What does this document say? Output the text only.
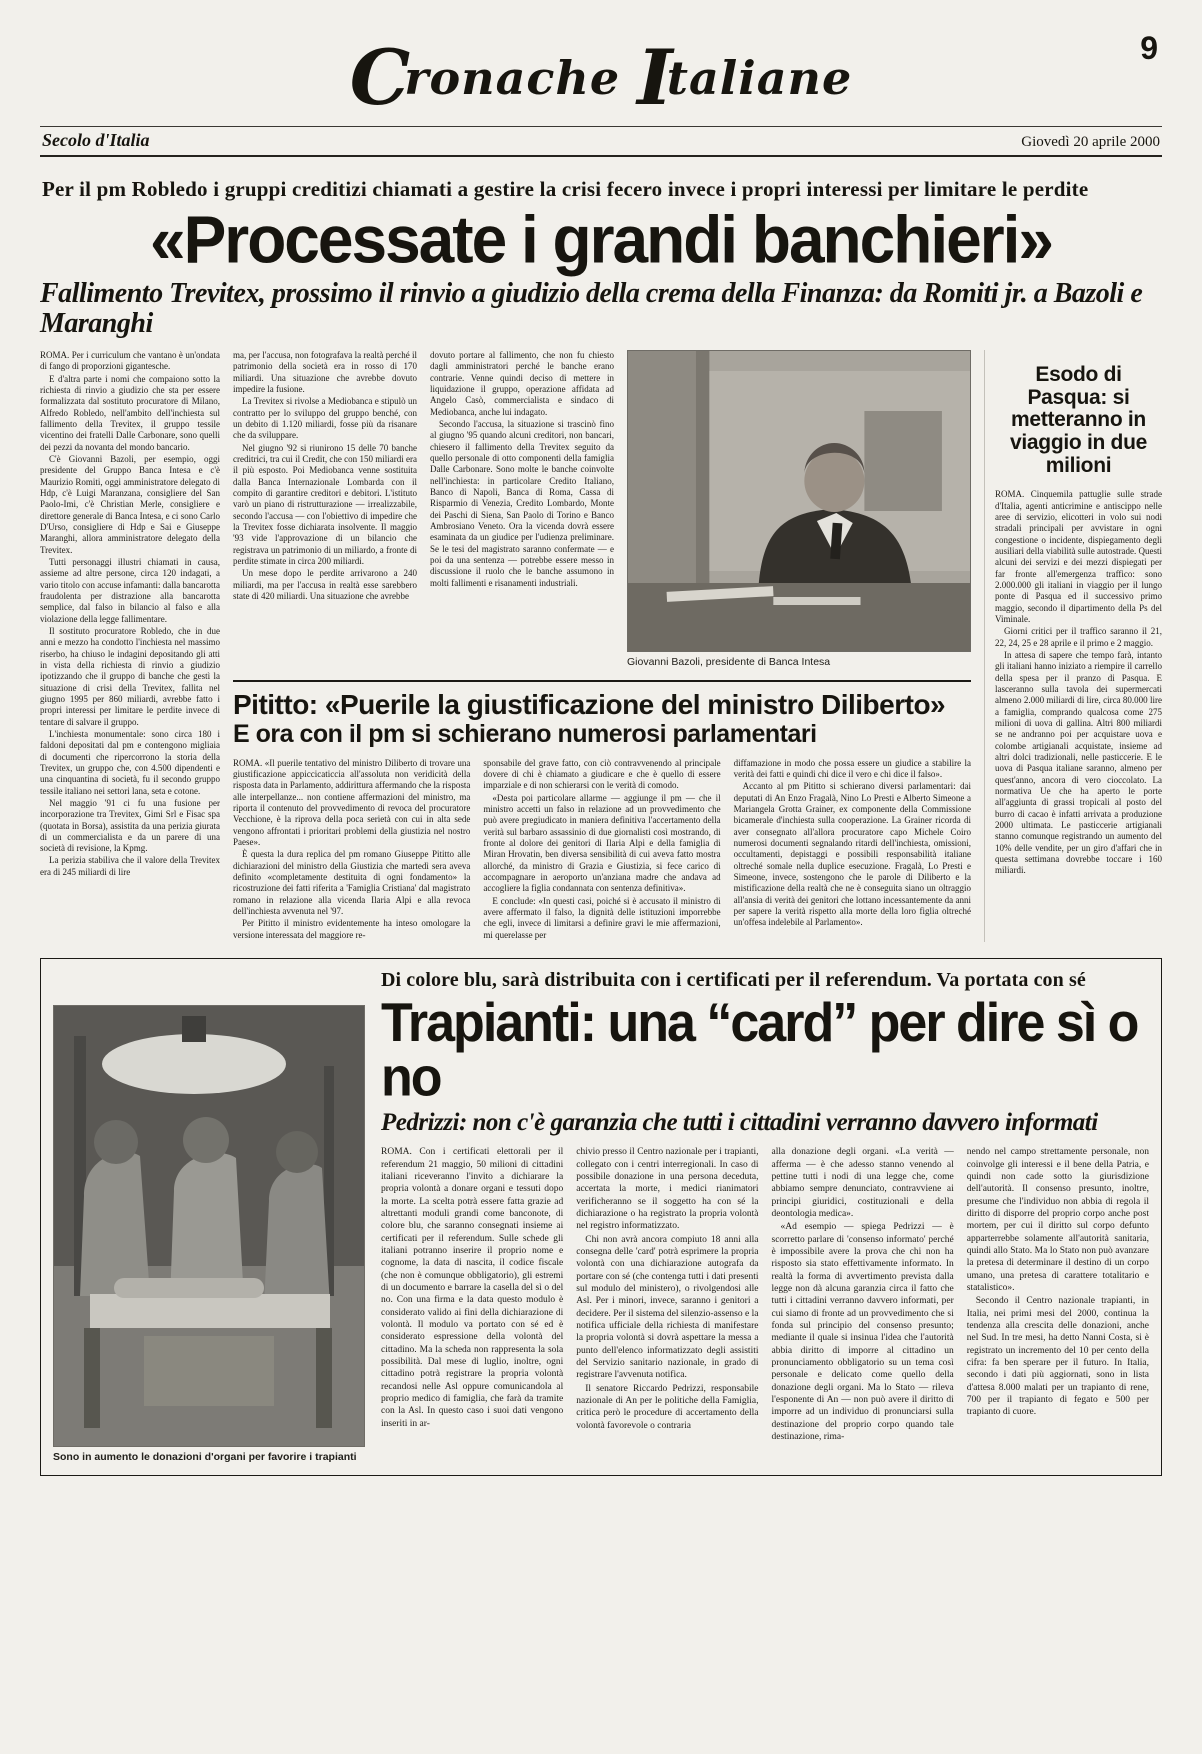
Cronache Italiane
9
Secolo d'Italia	Giovedì 20 aprile 2000
Per il pm Robledo i gruppi creditizi chiamati a gestire la crisi fecero invece i propri interessi per limitare le perdite
«Processate i grandi banchieri»
Fallimento Trevitex, prossimo il rinvio a giudizio della crema della Finanza: da Romiti jr. a Bazoli e Maranghi

ROMA. Per i curriculum che vantano è un'ondata di fango di proporzioni gigantesche.

E d'altra parte i nomi che compaiono sotto la richiesta di rinvio a giudizio che sta per essere formalizzata dal sostituto procuratore di Milano, Alfredo Robledo, nell'ambito dell'inchiesta sul fallimento della Trevitex, il gruppo tessile vicentino dei fratelli Dalle Carbonare, sono quelli dei pezzi da novanta del mondo bancario.

C'è Giovanni Bazoli, per esempio, oggi presidente del Gruppo Banca Intesa e c'è Maurizio Romiti, oggi amministratore delegato di Hdp, c'è Luigi Maranzana, consigliere del San Paolo-Imi, c'è Christian Merle, consigliere e direttore generale di Banca Intesa, e ci sono Carlo D'Urso, consigliere di Hdp e Sai e Giuseppe Maranghi, allora amministratore delegato della Trevitex.

Tutti personaggi illustri chiamati in causa, assieme ad altre persone, circa 120 indagati, a vario titolo con accuse infamanti: dalla bancarotta fraudolenta per distrazione alla bancarotta semplice, dal falso in bilancio al falso e alla violazione della legge fallimentare.

Il sostituto procuratore Robledo, che in due anni e mezzo ha condotto l'inchiesta nel massimo riserbo, ha chiuso le indagini depositando gli atti in vista della richiesta di rinvio a giudizio ipotizzando che il gruppo di banche che gestì la situazione di crisi della Trevitex, fallita nel giugno 1995 per 860 miliardi, avrebbe fatto i propri interessi per limitare le perdite invece di tentare di salvare il gruppo.

L'inchiesta monumentale: sono circa 180 i faldoni depositati dal pm e contengono migliaia di documenti che ripercorrono la storia della Trevitex, un gruppo che, con 4.500 dipendenti e una cinquantina di società, fu il secondo gruppo tessile italiano nei settori lana, seta e cotone.

Nel maggio '91 ci fu una fusione per incorporazione tra Trevitex, Gimi Srl e Fisac spa (quotata in Borsa), assistita da una perizia giurata di un commercialista e da un parere di una società di revisione, la Kpmg.

La perizia stabiliva che il valore della Trevitex era di 245 miliardi di lire

ma, per l'accusa, non fotografava la realtà perché il patrimonio della società era in rosso di 170 miliardi. Una situazione che avrebbe dovuto impedire la fusione.

La Trevitex si rivolse a Mediobanca e stipulò un contratto per lo sviluppo del gruppo benché, con un debito di 1.120 miliardi, fosse più da risanare che da sviluppare.

Nel giugno '92 si riunirono 15 delle 70 banche creditrici, tra cui il Credit, che con 150 miliardi era il più esposto. Poi Mediobanca venne sostituita dalla Banca Internazionale Lombarda con il compito di garantire creditori e debitori. L'istituto varò un piano di ristrutturazione — irrealizzabile, secondo l'accusa — con l'obiettivo di impedire che la Trevitex fosse dichiarata insolvente. Il maggio '93 vide l'approvazione di un bilancio che registrava un patrimonio di un miliardo, a fronte di perdite stimate in circa 200 miliardi.

Un mese dopo le perdite arrivarono a 240 miliardi, ma per l'accusa in realtà esse sarebbero state di 420 miliardi. Una situazione che avrebbe

dovuto portare al fallimento, che non fu chiesto dagli amministratori perché le banche erano contrarie. Venne quindi deciso di mettere in liquidazione il gruppo, operazione affidata ad Angelo Casò, commercialista e sindaco di Mediobanca, anche lui indagato.

Secondo l'accusa, la situazione si trascinò fino al giugno '95 quando alcuni creditori, non bancari, chiesero il fallimento della Trevitex seguito da quello personale di otto componenti della famiglia Dalle Carbonare. Sono molte le banche coinvolte nell'inchiesta: in particolare Credito Italiano, Banco di Napoli, Banca di Roma, Cassa di Risparmio di Venezia, Credito Lombardo, Monte dei Paschi di Siena, San Paolo di Torino e Banco Ambrosiano Veneto. Ora la vicenda dovrà essere esaminata da un giudice per l'udienza preliminare. Se le tesi del magistrato saranno confermate — e poi da una sentenza — potrebbe essere messo in discussione il ruolo che le banche assumono in molti fallimenti e risanamenti industriali.

Giovanni Bazoli, presidente di Banca Intesa
Pititto: «Puerile la giustificazione del ministro Diliberto»
E ora con il pm si schierano numerosi parlamentari

ROMA. «Il puerile tentativo del ministro Diliberto di trovare una giustificazione appiccicaticcia all'assoluta non veridicità della risposta data in Parlamento, addirittura affermando che la risposta alle interpellanze... non contiene affermazioni del ministro, ma riporta il contenuto del provvedimento di revoca del procuratore Vecchione, è la riprova della poca serietà con cui in alta sede vengono affrontati i prioritari problemi della giustizia nel nostro Paese».

È questa la dura replica del pm romano Giuseppe Pititto alle dichiarazioni del ministro della Giustizia che martedì sera aveva definito «completamente destituita di ogni fondamento» la ricostruzione dei fatti riferita a 'Famiglia Cristiana' dal magistrato romano in relazione alla vicenda Ilaria Alpi e alla revoca dell'inchiesta avvenuta nel '97.

Per Pititto il ministro evidentemente ha inteso omologare la versione interessata del maggiore re-

sponsabile del grave fatto, con ciò contravvenendo al principale dovere di chi è chiamato a giudicare e che è quello di essere imparziale e di non schierarsi con le verità di comodo.

«Desta poi particolare allarme — aggiunge il pm — che il ministro accetti un falso in relazione ad un provvedimento che può avere pregiudicato in maniera definitiva l'accertamento della verità sul barbaro assassinio di due giornalisti così mostrando, di fronte al dolore dei genitori di Ilaria Alpi e della famiglia di Miran Hrovatin, ben diversa sensibilità di cui aveva fatto mostra allorché, da ministro di Grazia e Giustizia, si fece carico di accompagnare in aeroporto un'anziana madre che andava ad accogliere la figlia condannata con sentenza definitiva».

E conclude: «In questi casi, poiché si è accusato il ministro di avere affermato il falso, la dignità delle istituzioni imporrebbe che egli, invece di limitarsi a definire gravi le mie affermazioni, mi querelasse per

diffamazione in modo che possa essere un giudice a stabilire la verità dei fatti e quindi chi dice il vero e chi dice il falso».

Accanto al pm Pititto si schierano diversi parlamentari: dai deputati di An Enzo Fragalà, Nino Lo Presti e Alberto Simeone a Mariangela Grotta Grainer, ex componente della Commissione bicamerale d'inchiesta sulla cooperazione. La Grainer ricorda di aver consegnato all'allora procuratore capo Michele Coiro numerosi documenti segnalando ritardi dell'inchiesta, omissioni, occultamenti, depistaggi e possibili responsabilità italiane oltreché somale nella duplice esecuzione. Fragalà, Lo Presti e Simeone, invece, sostengono che le parole di Diliberto e la mistificazione della realtà che ne è conseguita siano un oltraggio all'ansia di verità dei genitori che lottano incessantemente da anni per sapere la verità rispetto alla morte della loro figlia oltreché un'offesa indelebile al Parlamento».

Esodo di Pasqua: si metteranno in viaggio in due milioni

ROMA. Cinquemila pattuglie sulle strade d'Italia, agenti anticrimine e antiscippo nelle aree di servizio, elicotteri in volo sui nodi stradali principali per avvistare in ogni congestione o incidente, dispiegamento degli ausiliari della viabilità sulle autostrade. Questi alcuni dei servizi e dei mezzi dispiegati per far fronte all'emergenza traffico: sono 2.000.000 gli italiani in viaggio per il lungo ponte di Pasqua ed il successivo primo maggio, secondo il dipartimento della Ps del Viminale.

Giorni critici per il traffico saranno il 21, 22, 24, 25 e 28 aprile e il primo e 2 maggio.

In attesa di sapere che tempo farà, intanto gli italiani hanno iniziato a riempire il carrello della spesa per il pranzo di Pasqua. E lasceranno sulla tavola dei supermercati almeno 2.000 miliardi di lire, circa 80.000 lire a famiglia, comprando qualcosa come 275 milioni di uova di gallina. Altri 800 miliardi se ne andranno poi per acquistare uova e colombe artigianali acquistate, insieme ad altri dolci tradizionali, nelle pasticcerie. E le uova di Pasqua italiane saranno, almeno per quest'anno, ancora di vero cioccolato. La normativa Ue che ha aperto le porte all'aggiunta di grassi tropicali al posto del burro di cacao è infatti arrivata a produzione 2000 ultimata. Le pasticcerie artigianali stanno comunque registrando un aumento del 10% delle vendite, per un giro d'affari che in questa settimana dovrebbe toccare i 160 miliardi.

Sono in aumento le donazioni d'organi per favorire i trapianti
Di colore blu, sarà distribuita con i certificati per il referendum. Va portata con sé
Trapianti: una “card” per dire sì o no
Pedrizzi: non c'è garanzia che tutti i cittadini verranno davvero informati

ROMA. Con i certificati elettorali per il referendum 21 maggio, 50 milioni di cittadini italiani riceveranno l'invito a dichiarare la propria volontà a donare organi e tessuti dopo la morte. La scelta potrà essere fatta grazie ad altrettanti moduli grandi come banconote, di colore blu, che saranno consegnati insieme ai certificati per il referendum. Sulle schede gli italiani potranno inserire il proprio nome e cognome, la data di nascita, il codice fiscale (che non è comunque obbligatorio), gli estremi di un documento e barrare la casella del sì o del no. Con una firma e la data questo modulo è considerato valido ai fini della dichiarazione di volontà. Il modulo va portato con sé ed è considerato espressione della volontà del cittadino. Ma la scheda non rappresenta la sola possibilità. Dal mese di luglio, inoltre, ogni cittadino potrà registrare la propria volontà recandosi nelle Asl oppure comunicandola al proprio medico di famiglia, che farà da tramite con la Asl. In questo caso i suoi dati vengono inseriti in ar-

chivio presso il Centro nazionale per i trapianti, collegato con i centri interregionali. In caso di possibile donazione in una persona deceduta, accertata la morte, i medici rianimatori verificheranno se il soggetto ha con sé la dichiarazione o ha registrato la propria volontà nel registro informatizzato.

Chi non avrà ancora compiuto 18 anni alla consegna delle 'card' potrà esprimere la propria volontà con una dichiarazione autografa da portare con sé (che contenga tutti i dati presenti sul modulo del ministero), o rivolgendosi alle Asl. Per i minori, invece, saranno i genitori a decidere. Per il sistema del silenzio-assenso e la notifica ufficiale della richiesta di manifestare la propria volontà si dovrà aspettare la messa a punto dell'elenco informatizzato degli assistiti del Servizio sanitario nazionale, in grado di registrare l'avvenuta notifica.

Il senatore Riccardo Pedrizzi, responsabile nazionale di An per le politiche della Famiglia, critica però le procedure di accertamento della volontà favorevole o contraria

alla donazione degli organi. «La verità — afferma — è che adesso stanno venendo al pettine tutti i nodi di una legge che, come abbiamo sempre denunciato, contravviene ai principi giuridici, costituzionali e della deontologia medica».

«Ad esempio — spiega Pedrizzi — è scorretto parlare di 'consenso informato' perché è impossibile avere la prova che chi non ha risposto sia stato effettivamente informato. In realtà la forma di avvertimento prevista dalla legge non dà alcuna garanzia circa il fatto che tutti i cittadini verranno davvero informati, per cui siamo di fronte ad un provvedimento che si fonda sul principio del consenso presunto; mediante il quale si insinua l'idea che l'autorità abbia diritto di imporre al cittadino un pronunciamento obbligatorio su un tema così personale e delicato come quello della donazione degli organi. Ma lo Stato — rileva l'esponente di An — non può avere il diritto di imporre ad un individuo di pronunciarsi sulla destinazione del proprio corpo quando tale destinazione, rima-

nendo nel campo strettamente personale, non coinvolge gli interessi e il bene della Patria, e quindi non cade sotto la giurisdizione dell'autorità. Il consenso presunto, inoltre, presume che l'individuo non abbia di regola il diritto di disporre del proprio corpo anche post mortem, per cui il diritto sul corpo defunto apparterrebbe solamente all'autorità sanitaria, quindi allo Stato. Ma lo Stato non può avanzare la pretesa di determinare il destino di un corpo umano, una pretesa di carattere totalitario e statalistico».

Secondo il Centro nazionale trapianti, in Italia, nei primi mesi del 2000, continua la tendenza alla crescita delle donazioni, anche nel Sud. In tre mesi, ha detto Nanni Costa, si è registrato un incremento del 10 per cento della cifra: fa ben sperare per il futuro. In Italia, secondo i dati più aggiornati, sono in lista d'attesa 8.000 malati per un trapianto di rene, 700 per il trapianto di fegato e 500 per trapianto di cuore.
